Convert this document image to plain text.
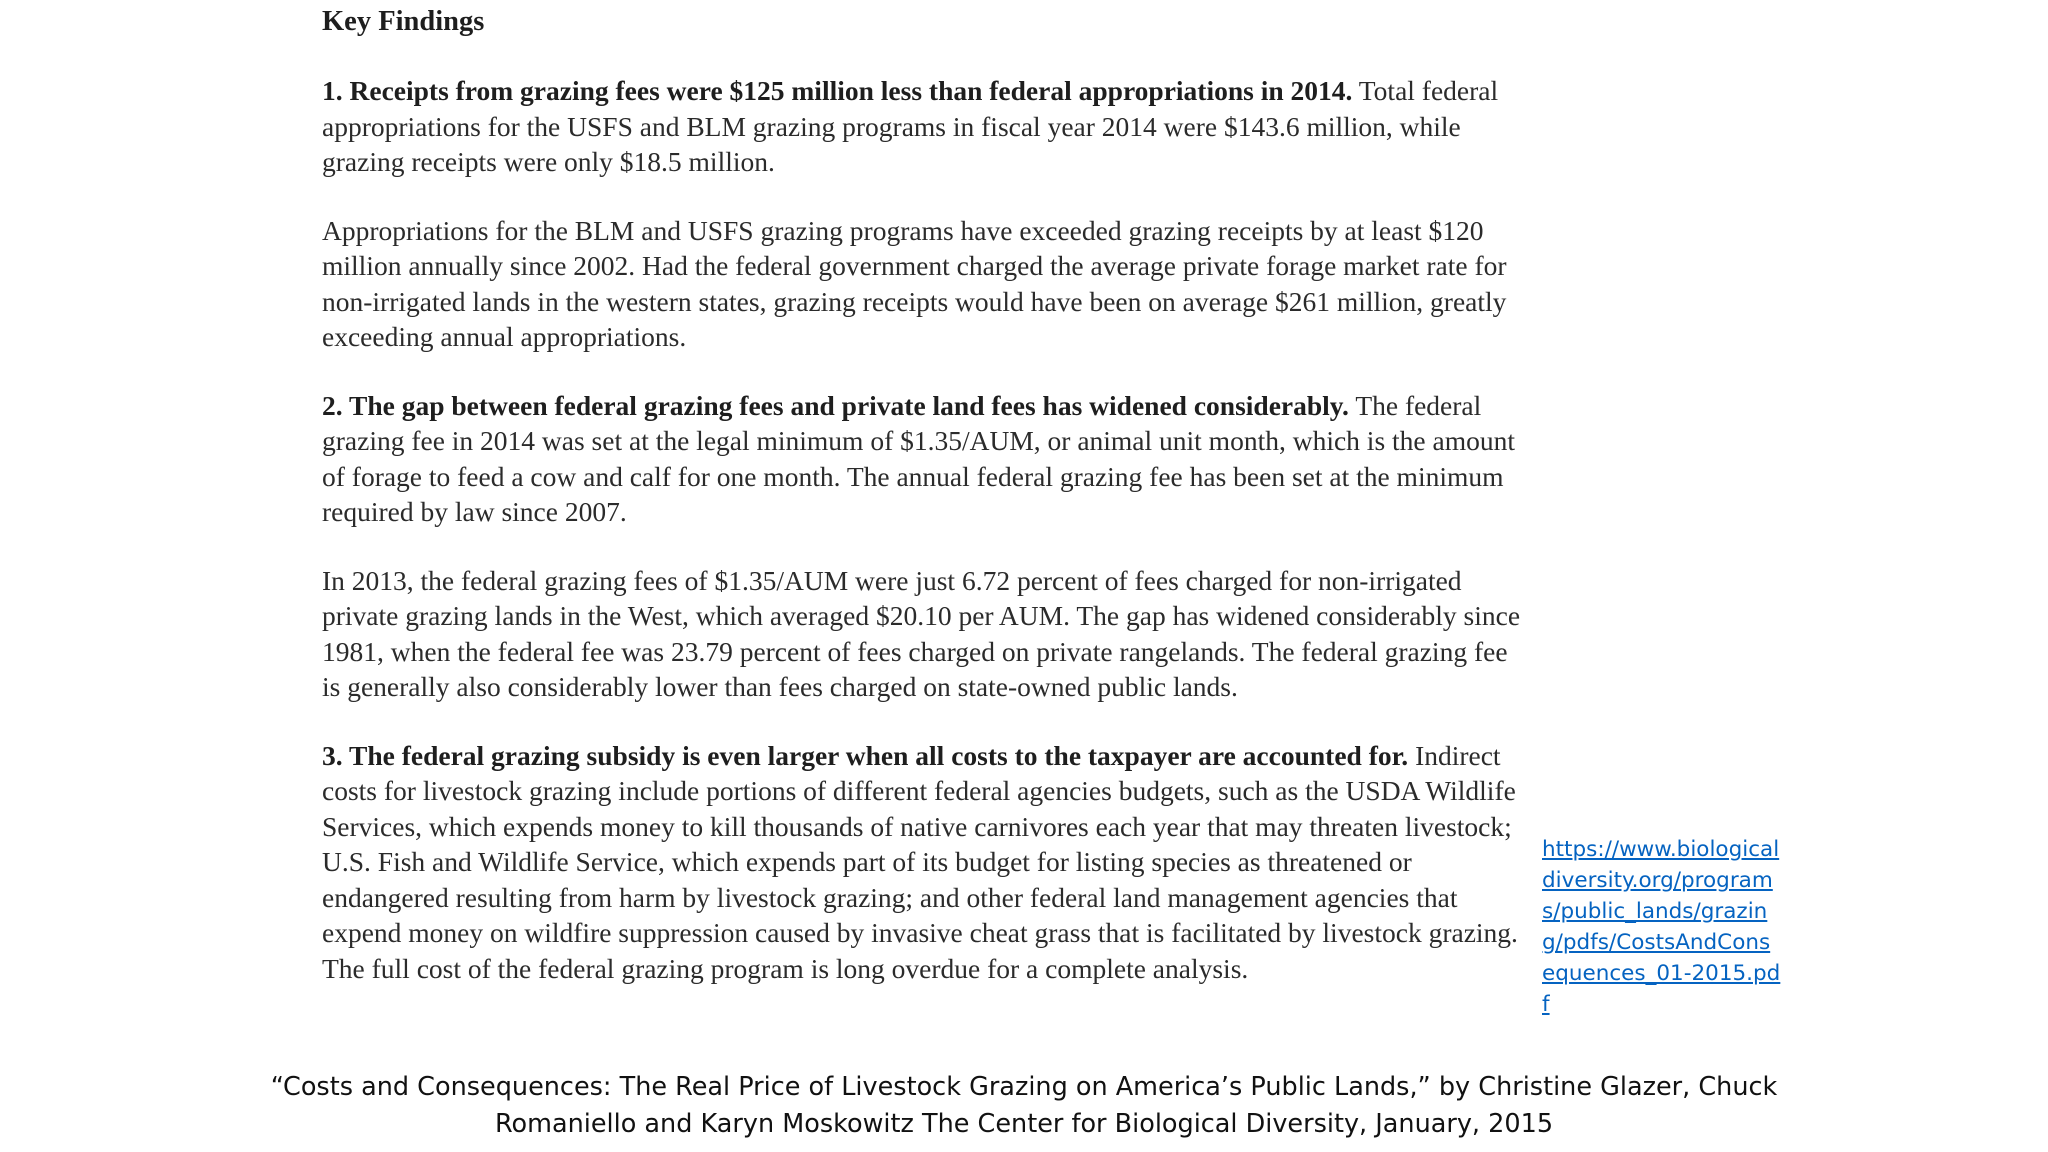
Key Findings

1. Receipts from grazing fees were $125 million less than federal appropriations in 2014. Total federal appropriations for the USFS and BLM grazing programs in fiscal year 2014 were $143.6 million, while grazing receipts were only $18.5 million.

Appropriations for the BLM and USFS grazing programs have exceeded grazing receipts by at least $120 million annually since 2002. Had the federal government charged the average private forage market rate for non-irrigated lands in the western states, grazing receipts would have been on average $261 million, greatly exceeding annual appropriations.

2. The gap between federal grazing fees and private land fees has widened considerably. The federal grazing fee in 2014 was set at the legal minimum of $1.35/AUM, or animal unit month, which is the amount of forage to feed a cow and calf for one month. The annual federal grazing fee has been set at the minimum required by law since 2007.

In 2013, the federal grazing fees of $1.35/AUM were just 6.72 percent of fees charged for non-irrigated private grazing lands in the West, which averaged $20.10 per AUM. The gap has widened considerably since 1981, when the federal fee was 23.79 percent of fees charged on private rangelands. The federal grazing fee is generally also considerably lower than fees charged on state-owned public lands.

3. The federal grazing subsidy is even larger when all costs to the taxpayer are accounted for. Indirect costs for livestock grazing include portions of different federal agencies budgets, such as the USDA Wildlife Services, which expends money to kill thousands of native carnivores each year that may threaten livestock; U.S. Fish and Wildlife Service, which expends part of its budget for listing species as threatened or endangered resulting from harm by livestock grazing; and other federal land management agencies that expend money on wildfire suppression caused by invasive cheat grass that is facilitated by livestock grazing. The full cost of the federal grazing program is long overdue for a complete analysis.

https://www.biologicaldiversity.org/programs/public_lands/grazing/pdfs/CostsAndConsequences_01-2015.pdf
“Costs and Consequences: The Real Price of Livestock Grazing on America’s Public Lands,” by Christine Glazer, Chuck Romaniello and Karyn Moskowitz The Center for Biological Diversity, January, 2015
